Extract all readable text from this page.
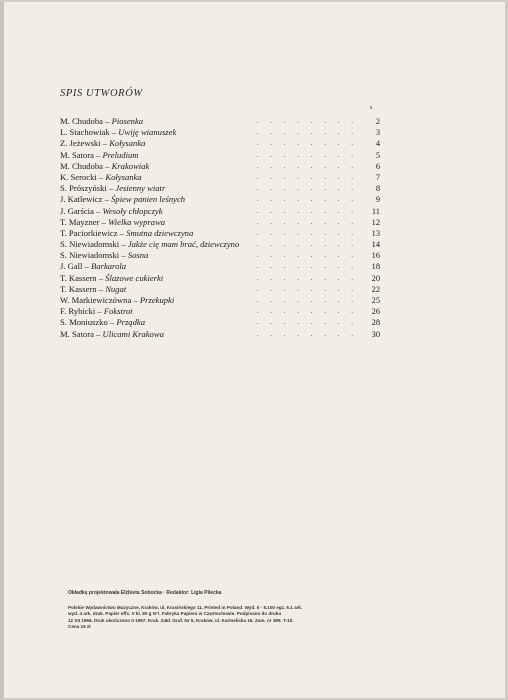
SPIS UTWORÓW
s
M. Chudoba – Piosenka	. . . . . . . .	2
L. Stachowiak – Uwiję wianuszek	. . . . . . . .	3
Z. Jeżewski – Kołysanka	. . . . . . . .	4
M. Satora – Preludium	. . . . . . . .	5
M. Chudoba – Krakowiak	. . . . . . . .	6
K. Serocki – Kołysanka	. . . . . . . .	7
S. Prószyński – Jesienny wiatr	. . . . . . . .	8
J. Katlewicz – Śpiew panien leśnych	. . . . . . . .	9
J. Garścia – Wesoły chłopczyk	. . . . . . . .	11
T. Mayzner – Wielka wyprawa	. . . . . . . .	12
T. Paciorkiewicz – Smutna dziewczyna	. . . . . . . .	13
S. Niewiadomski – Jakże cię mam brać, dziewczyno . . . . . . . .	14
S. Niewiadomski – Sosna	. . . . . . . .	16
J. Gall – Barkarola	. . . . . . . .	18
T. Kassern – Ślazowe cukierki	. . . . . . . .	20
T. Kassern – Nugat	. . . . . . . .	22
W. Markiewiczówna – Przekupki	. . . . . . . .	25
F. Rybicki – Fokstrot	. . . . . . . .	26
S. Moniuszko – Prządka	. . . . . . . .	28
M. Satora – Ulicami Krakowa	. . . . . . . .	30
Okładkę projektowała Elżbieta Sobocka · Redaktor: Ligia Pilecka
Polskie Wydawnictwo Muzyczne, Kraków, ul. Krasińskiego 11. Printed in Poland. Wyd. II · 5.100 egz. 6.1 ark.
wyd. 4 ark. druk. Papier offs. V kl. 80 g N°/. Fabryka Papieru w Częstochowie. Podpisano do druku
12 XII 1966. Druk ukończono II 1967. Krak. Zakł. Graf. Nr 5, Kraków, ul. Karmelicka 16. Zam. nr 399. T-10.
Cena 16 zł
